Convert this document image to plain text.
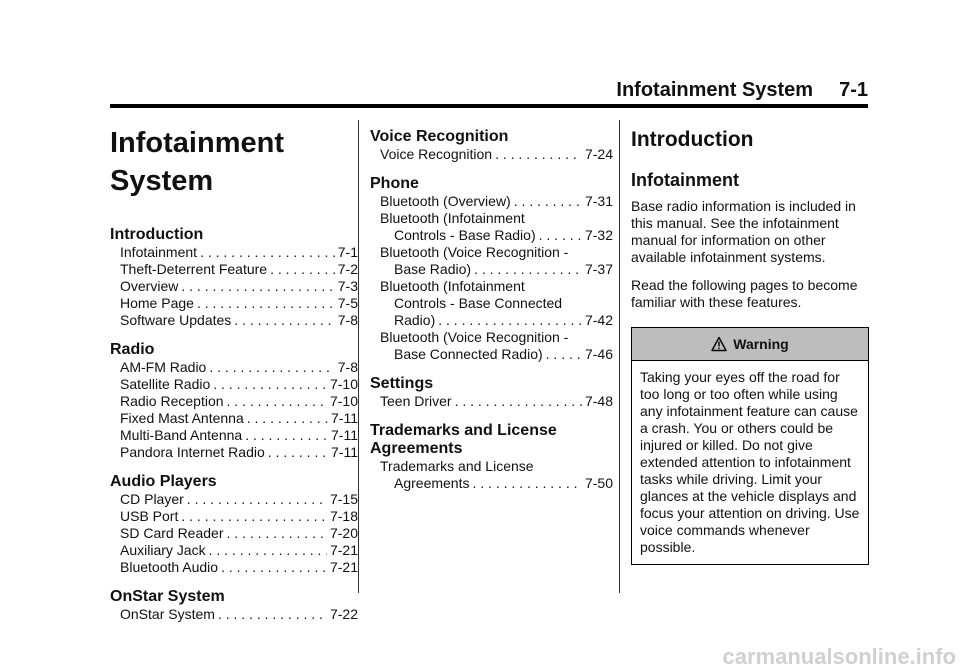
Infotainment System 7-1
Infotainment
System
Introduction
Infotainment . . .	7-1
Theft-Deterrent Feature . . .	7-2
Overview . . .	7-3
Home Page . . .	7-5
Software Updates . . .	7-8
Radio
AM-FM Radio . . .	7-8
Satellite Radio . . .	7-10
Radio Reception . . .	7-10
Fixed Mast Antenna . . .	7-11
Multi-Band Antenna . . .	7-11
Pandora Internet Radio . . .	7-11
Audio Players
CD Player . . .	7-15
USB Port . . .	7-18
SD Card Reader . . .	7-20
Auxiliary Jack . . .	7-21
Bluetooth Audio . . .	7-21
OnStar System
OnStar System . . .	7-22
Voice Recognition
Voice Recognition . . .	7-24
Phone
Bluetooth (Overview) . . .	7-31
Bluetooth (Infotainment
Controls - Base Radio) . . .	7-32
Bluetooth (Voice Recognition -
Base Radio) . . .	7-37
Bluetooth (Infotainment
Controls - Base Connected
Radio) . . .	7-42
Bluetooth (Voice Recognition -
Base Connected Radio) . . .	7-46
Settings
Teen Driver . . .	7-48
Trademarks and License
Agreements
Trademarks and License
Agreements . . .	7-50
Introduction
Infotainment

Base radio information is included in this manual. See the infotainment manual for information on other available infotainment systems.

Read the following pages to become familiar with these features.

Warning
Taking your eyes off the road for too long or too often while using any infotainment feature can cause a crash. You or others could be injured or killed. Do not give extended attention to infotainment tasks while driving. Limit your glances at the vehicle displays and focus your attention on driving. Use voice commands whenever possible.
carmanualsonline.info
